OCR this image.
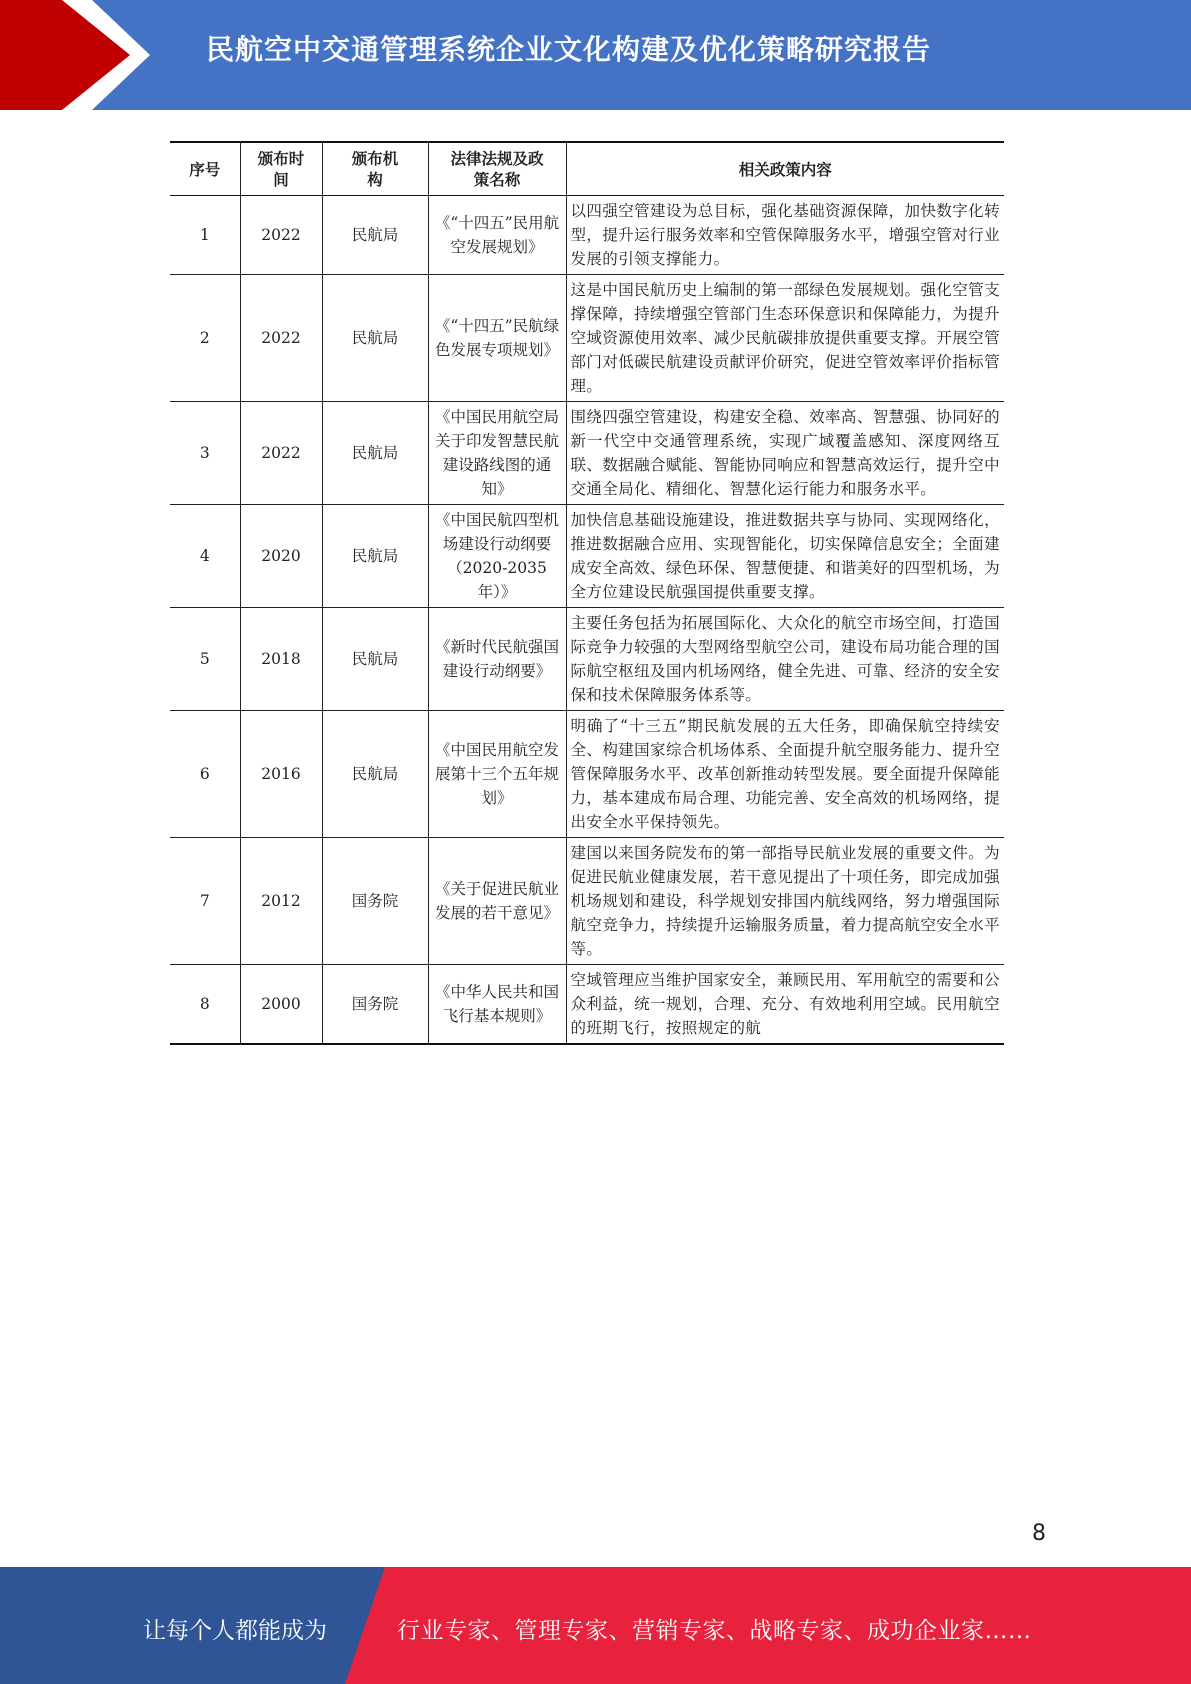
民航空中交通管理系统企业文化构建及优化策略研究报告
序号	颁布时间	颁布机构	法律法规及政策名称	相关政策内容
1	2022	民航局	《“十四五”民用航空发展规划》	以四强空管建设为总目标，强化基础资源保障，加快数字化转型，提升运行服务效率和空管保障服务水平，增强空管对行业发展的引领支撑能力。
2	2022	民航局	《“十四五”民航绿色发展专项规划》	这是中国民航历史上编制的第一部绿色发展规划。强化空管支撑保障，持续增强空管部门生态环保意识和保障能力，为提升空域资源使用效率、减少民航碳排放提供重要支撑。开展空管部门对低碳民航建设贡献评价研究，促进空管效率评价指标管理。
3	2022	民航局	《中国民用航空局关于印发智慧民航建设路线图的通知》	围绕四强空管建设，构建安全稳、效率高、智慧强、协同好的新一代空中交通管理系统，实现广域覆盖感知、深度网络互联、数据融合赋能、智能协同响应和智慧高效运行，提升空中交通全局化、精细化、智慧化运行能力和服务水平。
4	2020	民航局	《中国民航四型机场建设行动纲要（2020-2035年）》	加快信息基础设施建设，推进数据共享与协同、实现网络化，推进数据融合应用、实现智能化，切实保障信息安全；全面建成安全高效、绿色环保、智慧便捷、和谐美好的四型机场，为全方位建设民航强国提供重要支撑。
5	2018	民航局	《新时代民航强国建设行动纲要》	主要任务包括为拓展国际化、大众化的航空市场空间，打造国际竞争力较强的大型网络型航空公司，建设布局功能合理的国际航空枢纽及国内机场网络，健全先进、可靠、经济的安全安保和技术保障服务体系等。
6	2016	民航局	《中国民用航空发展第十三个五年规划》	明确了“十三五”期民航发展的五大任务，即确保航空持续安全、构建国家综合机场体系、全面提升航空服务能力、提升空管保障服务水平、改革创新推动转型发展。要全面提升保障能力，基本建成布局合理、功能完善、安全高效的机场网络，提出安全水平保持领先。
7	2012	国务院	《关于促进民航业发展的若干意见》	建国以来国务院发布的第一部指导民航业发展的重要文件。为促进民航业健康发展，若干意见提出了十项任务，即完成加强机场规划和建设，科学规划安排国内航线网络，努力增强国际航空竞争力，持续提升运输服务质量，着力提高航空安全水平等。
8	2000	国务院	《中华人民共和国飞行基本规则》	空域管理应当维护国家安全，兼顾民用、军用航空的需要和公众利益，统一规划，合理、充分、有效地利用空域。民用航空的班期飞行，按照规定的航
8
让每个人都能成为	行业专家、管理专家、营销专家、战略专家、成功企业家……
